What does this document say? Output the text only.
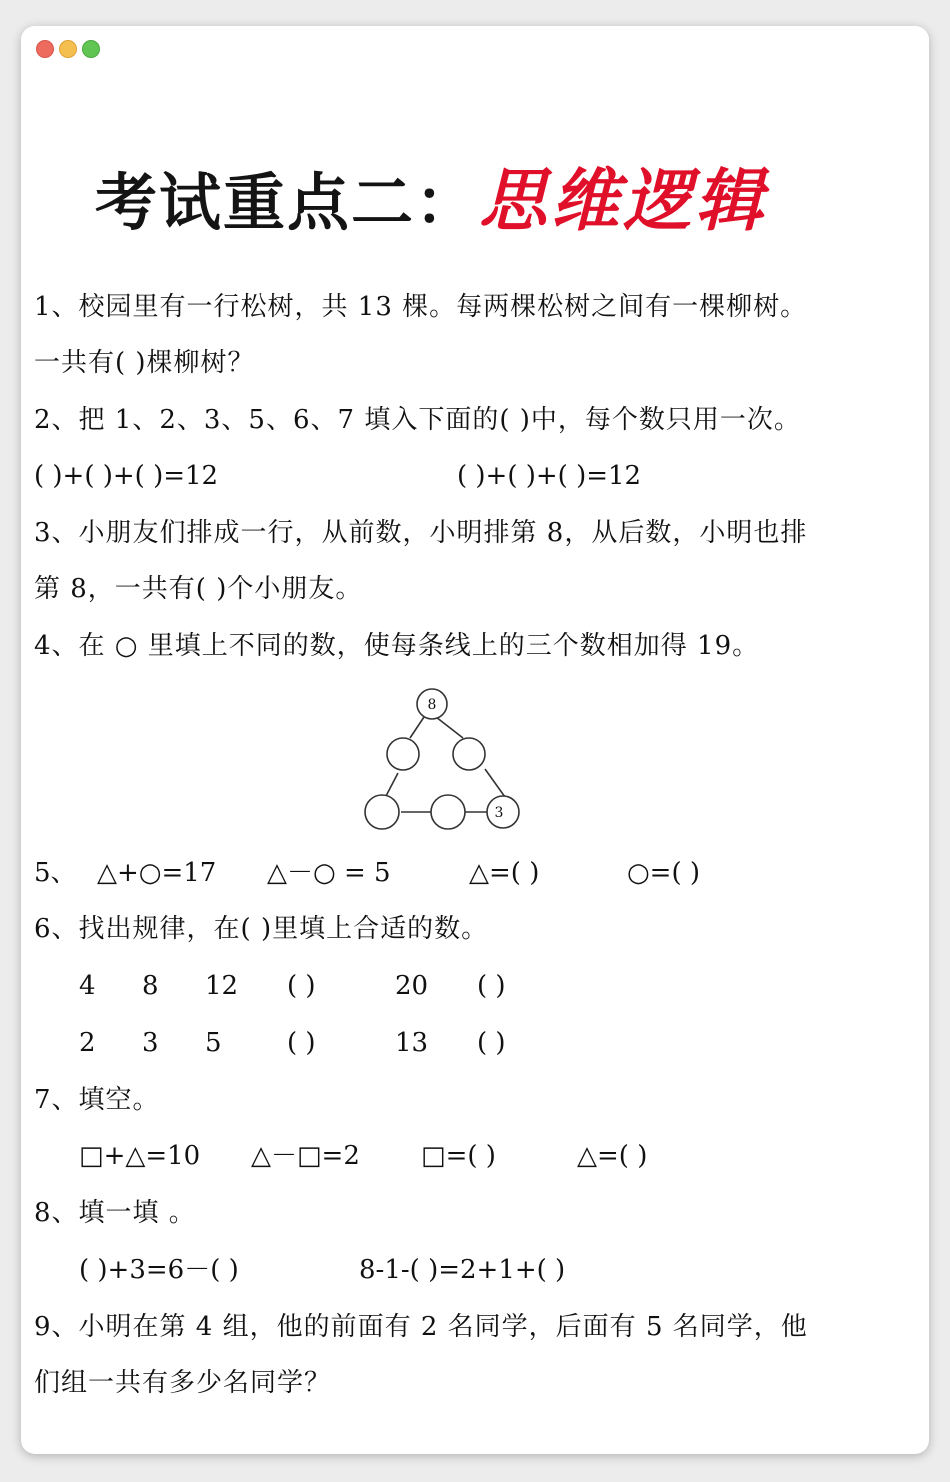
考试重点二：思维逻辑
1、校园里有一行松树，共 13 棵。每两棵松树之间有一棵柳树。
一共有( )棵柳树？
2、把 1、2、3、5、6、7 填入下面的( )中，每个数只用一次。
( )+( )+( )=12	( )+( )+( )=12
3、小朋友们排成一行，从前数，小明排第 8，从后数，小明也排
第 8，一共有( )个小朋友。
4、在 ○ 里填上不同的数，使每条线上的三个数相加得 19。
8
3
5、 △+○=17 △－○ = 5	△=( )	○=( )
6、找出规律，在( )里填上合适的数。
4 8 12 ( )	20 ( )
2 3 5	( )	13 ( )
7、填空。
□+△=10 △－□=2 □=( )	△=( )
8、填一填 。
( )+3=6－( )	8-1-( )=2+1+( )
9、小明在第 4 组，他的前面有 2 名同学，后面有 5 名同学，他
们组一共有多少名同学？
